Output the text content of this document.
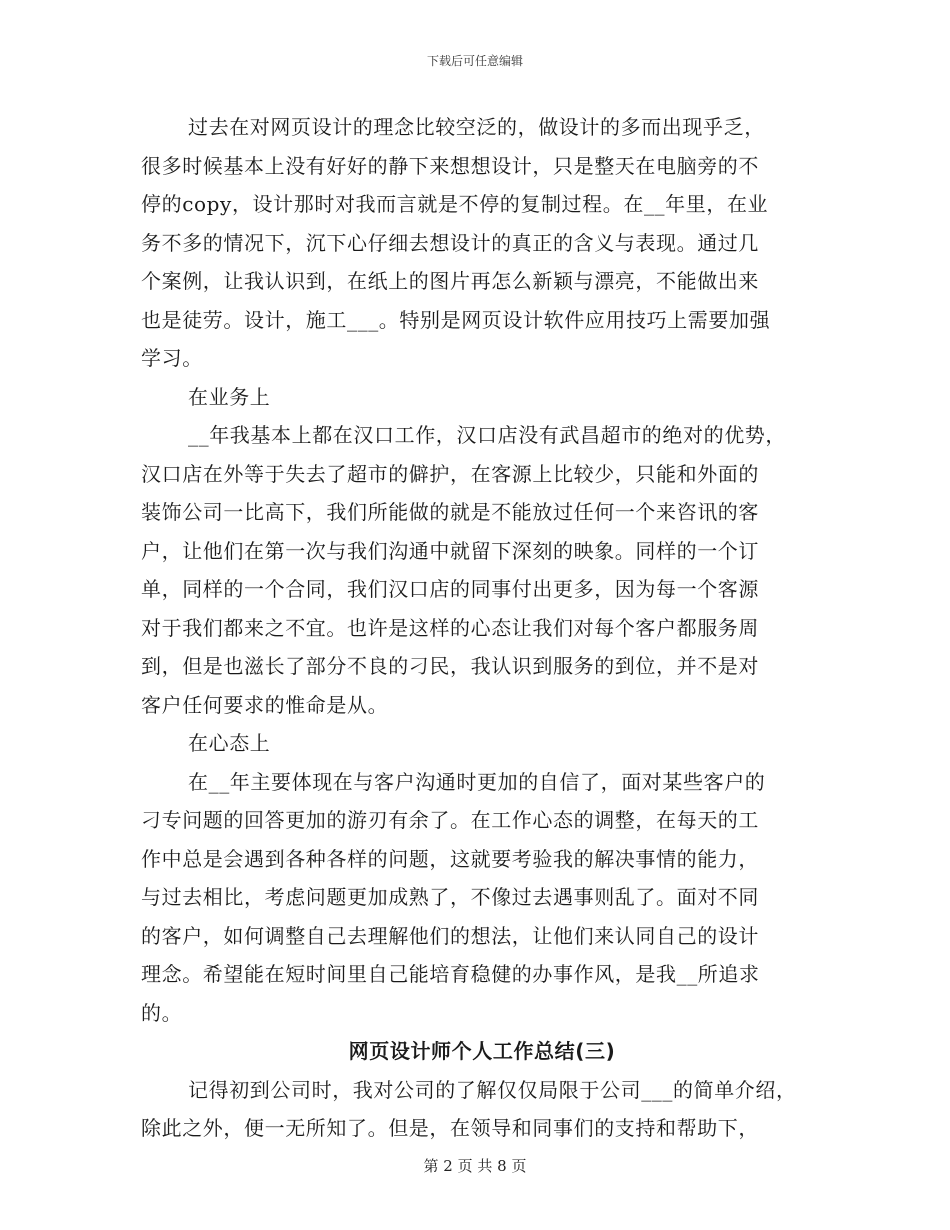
下载后可任意编辑
过去在对网页设计的理念比较空泛的，做设计的多而出现乎乏，
很多时候基本上没有好好的静下来想想设计，只是整天在电脑旁的不
停的copy，设计那时对我而言就是不停的复制过程。在__年里，在业
务不多的情况下，沉下心仔细去想设计的真正的含义与表现。通过几
个案例，让我认识到，在纸上的图片再怎么新颖与漂亮，不能做出来
也是徒劳。设计，施工___。特别是网页设计软件应用技巧上需要加强
学习。
在业务上
__年我基本上都在汉口工作，汉口店没有武昌超市的绝对的优势，
汉口店在外等于失去了超市的僻护，在客源上比较少，只能和外面的
装饰公司一比高下，我们所能做的就是不能放过任何一个来咨讯的客
户，让他们在第一次与我们沟通中就留下深刻的映象。同样的一个订
单，同样的一个合同，我们汉口店的同事付出更多，因为每一个客源
对于我们都来之不宜。也许是这样的心态让我们对每个客户都服务周
到，但是也滋长了部分不良的刁民，我认识到服务的到位，并不是对
客户任何要求的惟命是从。
在心态上
在__年主要体现在与客户沟通时更加的自信了，面对某些客户的
刁专问题的回答更加的游刃有余了。在工作心态的调整，在每天的工
作中总是会遇到各种各样的问题，这就要考验我的解决事情的能力，
与过去相比，考虑问题更加成熟了，不像过去遇事则乱了。面对不同
的客户，如何调整自己去理解他们的想法，让他们来认同自己的设计
理念。希望能在短时间里自己能培育稳健的办事作风，是我__所追求
的。
网页设计师个人工作总结(三)
记得初到公司时，我对公司的了解仅仅局限于公司___的简单介绍，
除此之外，便一无所知了。但是，在领导和同事们的支持和帮助下，
第 2 页 共 8 页
